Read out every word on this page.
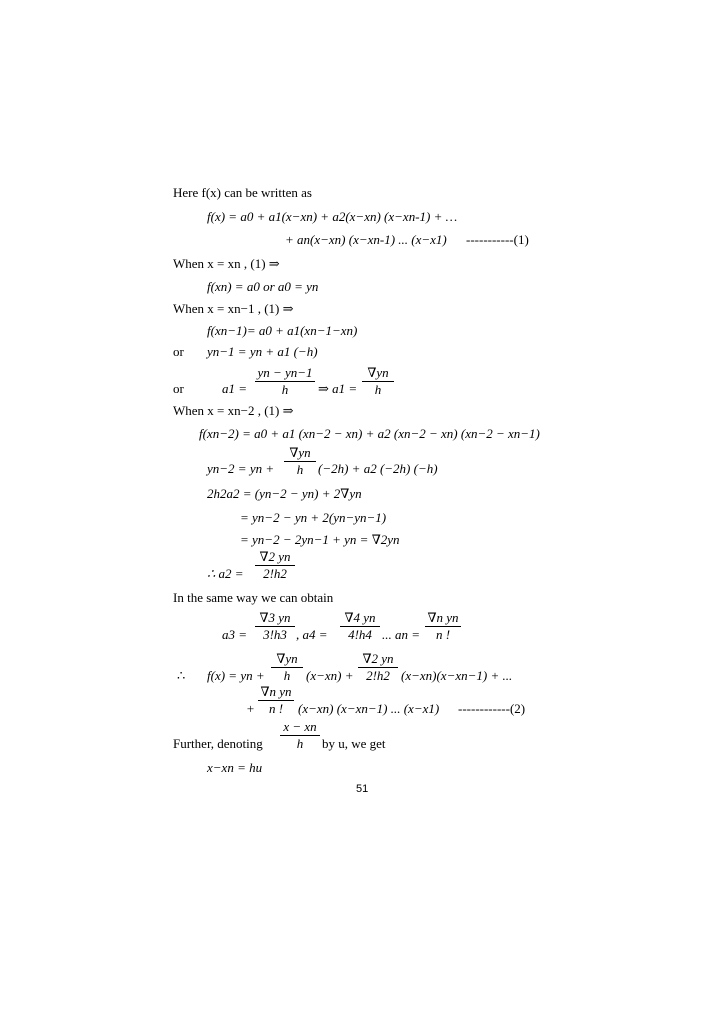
Here f(x) can be written as
f(x) = a0 + a1(x−xn) + a2(x−xn) (x−xn-1) + …
+ an(x−xn) (x−xn-1) ... (x−x1) -----------(1)
When x = xn , (1) ⇒
f(xn) = a0 or a0 = yn
When x = xn−1 , (1) ⇒
f(xn−1)= a0 + a1(xn−1−xn)
or yn−1 = yn + a1 (−h)
or	$a1 = \frac{yn - yn-1}{h}$ ⇒ $a1 = \frac{\nabla yn}{h}$
When x = xn−2 , (1) ⇒
f(xn−2) = a0 + a1 (xn−2 − xn) + a2 (xn−2 − xn) (xn−2 − xn−1)
yn−2 = yn + $\frac{\nabla yn}{h} (-2h) + a2$ (−2h) (−h)
2h2a2 = (yn−2 − yn) + 2∇yn
= yn−2 − yn + 2(yn−yn−1)
= yn−2 − 2yn−1 + yn = ∇2yn
∴ $a2 = \frac{\nabla 2 yn}{2!h2}$
In the same way we can obtain
$a3 = \frac{\nabla 3 yn}{3!h3}$ , $a4 = \frac{\nabla 4 yn}{4!h4}$ ... an = $\frac{\text{∇n yn}}{n !}$
∴ f(x) = yn + $\frac{\nabla yn}{h} (x-xn) + \frac{\nabla 2 yn}{2!h2} (x-xn)(x-xn-1)$ + ...
+ $\frac{\text{∇n yn}}{n !} (x-xn)$ (x−xn−1) ... (x−x1) ------------(2)
Further, denoting $\frac{x - xn}{h}$ by u, we get
x−xn = hu
51
